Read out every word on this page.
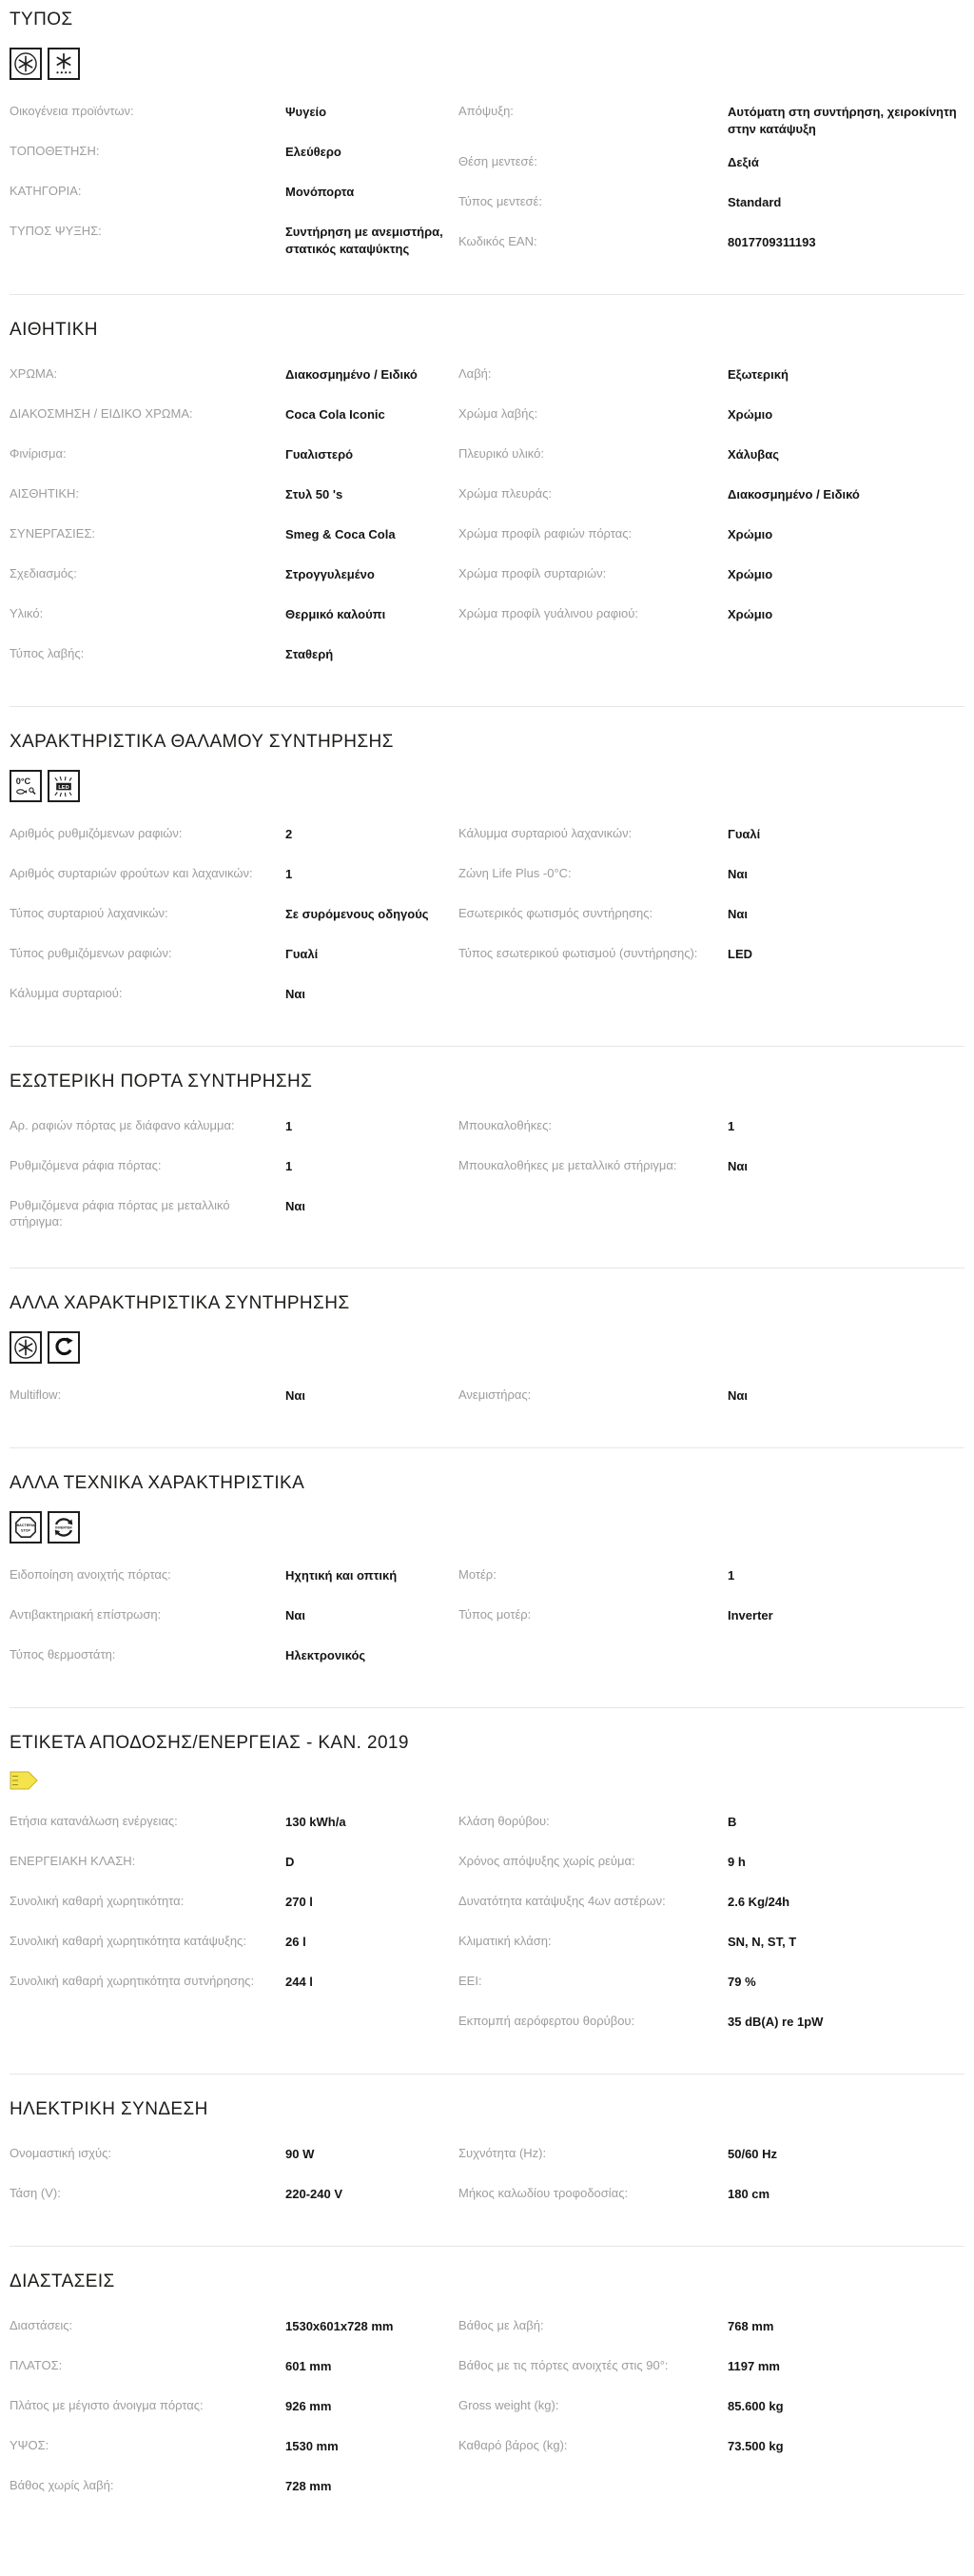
ΤΥΠΟΣ
Οικογένεια προϊόντων:	Ψυγείο
ΤΟΠΟΘΕΤΗΣΗ:	Ελεύθερο
ΚΑΤΗΓΟΡΙΑ:	Μονόπορτα
ΤΥΠΟΣ ΨΥΞΗΣ:	Συντήρηση με ανεμιστήρα, στατικός καταψύκτης
Απόψυξη:	Αυτόματη στη συντήρηση, χειροκίνητη στην κατάψυξη
Θέση μεντεσέ:	Δεξιά
Τύπος μεντεσέ:	Standard
Κωδικός EAN:	8017709311193
ΑΙΘΗΤΙΚΗ
ΧΡΩΜΑ:	Διακοσμημένο / Ειδικό
ΔΙΑΚΟΣΜΗΣΗ / ΕΙΔΙΚΟ ΧΡΩΜΑ:	Coca Cola Iconic
Φινίρισμα:	Γυαλιστερό
ΑΙΣΘΗΤΙΚΗ:	Στυλ 50 's
ΣΥΝΕΡΓΑΣΙΕΣ:	Smeg & Coca Cola
Σχεδιασμός:	Στρογγυλεμένο
Υλικό:	Θερμικό καλούπι
Τύπος λαβής:	Σταθερή
Λαβή:	Εξωτερική
Χρώμα λαβής:	Χρώμιο
Πλευρικό υλικό:	Χάλυβας
Χρώμα πλευράς:	Διακοσμημένο / Ειδικό
Χρώμα προφίλ ραφιών πόρτας:	Χρώμιο
Χρώμα προφίλ συρταριών:	Χρώμιο
Χρώμα προφίλ γυάλινου ραφιού:	Χρώμιο
ΧΑΡΑΚΤΗΡΙΣΤΙΚΑ ΘΑΛΑΜΟΥ ΣΥΝΤΗΡΗΣΗΣ
0°C
LED
Αριθμός ρυθμιζόμενων ραφιών:	2
Αριθμός συρταριών φρούτων και λαχανικών:	1
Τύπος συρταριού λαχανικών:	Σε συρόμενους οδηγούς
Τύπος ρυθμιζόμενων ραφιών:	Γυαλί
Κάλυμμα συρταριού:	Ναι
Κάλυμμα συρταριού λαχανικών:	Γυαλί
Ζώνη Life Plus -0°C:	Ναι
Εσωτερικός φωτισμός συντήρησης:	Ναι
Τύπος εσωτερικού φωτισμού (συντήρησης):	LED
ΕΣΩΤΕΡΙΚΗ ΠΟΡΤΑ ΣΥΝΤΗΡΗΣΗΣ
Αρ. ραφιών πόρτας με διάφανο κάλυμμα:	1
Ρυθμιζόμενα ράφια πόρτας:	1
Ρυθμιζόμενα ράφια πόρτας με μεταλλικό στήριγμα:
Ναι
Μπουκαλοθήκες:	1
Μπουκαλοθήκες με μεταλλικό στήριγμα:	Ναι
ΑΛΛΑ ΧΑΡΑΚΤΗΡΙΣΤΙΚΑ ΣΥΝΤΗΡΗΣΗΣ
Multiflow:	Ναι	Ανεμιστήρας:	Ναι
ΑΛΛΑ ΤΕΧΝΙΚΑ ΧΑΡΑΚΤΗΡΙΣΤΙΚΑ
BACTERIA
STOP
INVERTER
Ειδοποίηση ανοιχτής πόρτας:	Ηχητική και οπτική
Αντιβακτηριακή επίστρωση:	Ναι
Τύπος θερμοστάτη:	Ηλεκτρονικός
Μοτέρ:	1
Τύπος μοτέρ:	Inverter
ΕΤΙΚΕΤΑ ΑΠΟΔΟΣΗΣ/ΕΝΕΡΓΕΙΑΣ - ΚΑΝ. 2019
Ετήσια κατανάλωση ενέργειας:	130 kWh/a
ΕΝΕΡΓΕΙΑΚΗ ΚΛΑΣΗ:	D
Συνολική καθαρή χωρητικότητα:	270 l
Συνολική καθαρή χωρητικότητα κατάψυξης:	26 l
Συνολική καθαρή χωρητικότητα συτνήρησης:	244 l
Κλάση θορύβου:	B
Χρόνος απόψυξης χωρίς ρεύμα:	9 h
Δυνατότητα κατάψυξης 4ων αστέρων:	2.6 Kg/24h
Κλιματική κλάση:	SN, N, ST, T
EEI:	79 %
Εκπομπή αερόφερτου θορύβου:	35 dB(A) re 1pW
ΗΛΕΚΤΡΙΚΗ ΣΥΝΔΕΣΗ
Ονομαστική ισχύς:	90 W
Τάση (V):	220-240 V
Συχνότητα (Hz):	50/60 Hz
Μήκος καλωδίου τροφοδοσίας:	180 cm
ΔΙΑΣΤΑΣΕΙΣ
Διαστάσεις:	1530x601x728 mm
ΠΛΑΤΟΣ:	601 mm
Πλάτος με μέγιστο άνοιγμα πόρτας:	926 mm
ΥΨΟΣ:	1530 mm
Βάθος χωρίς λαβή:	728 mm
Βάθος με λαβή:	768 mm
Βάθος με τις πόρτες ανοιχτές στις 90°:	1197 mm
Gross weight (kg):	85.600 kg
Καθαρό βάρος (kg):	73.500 kg
